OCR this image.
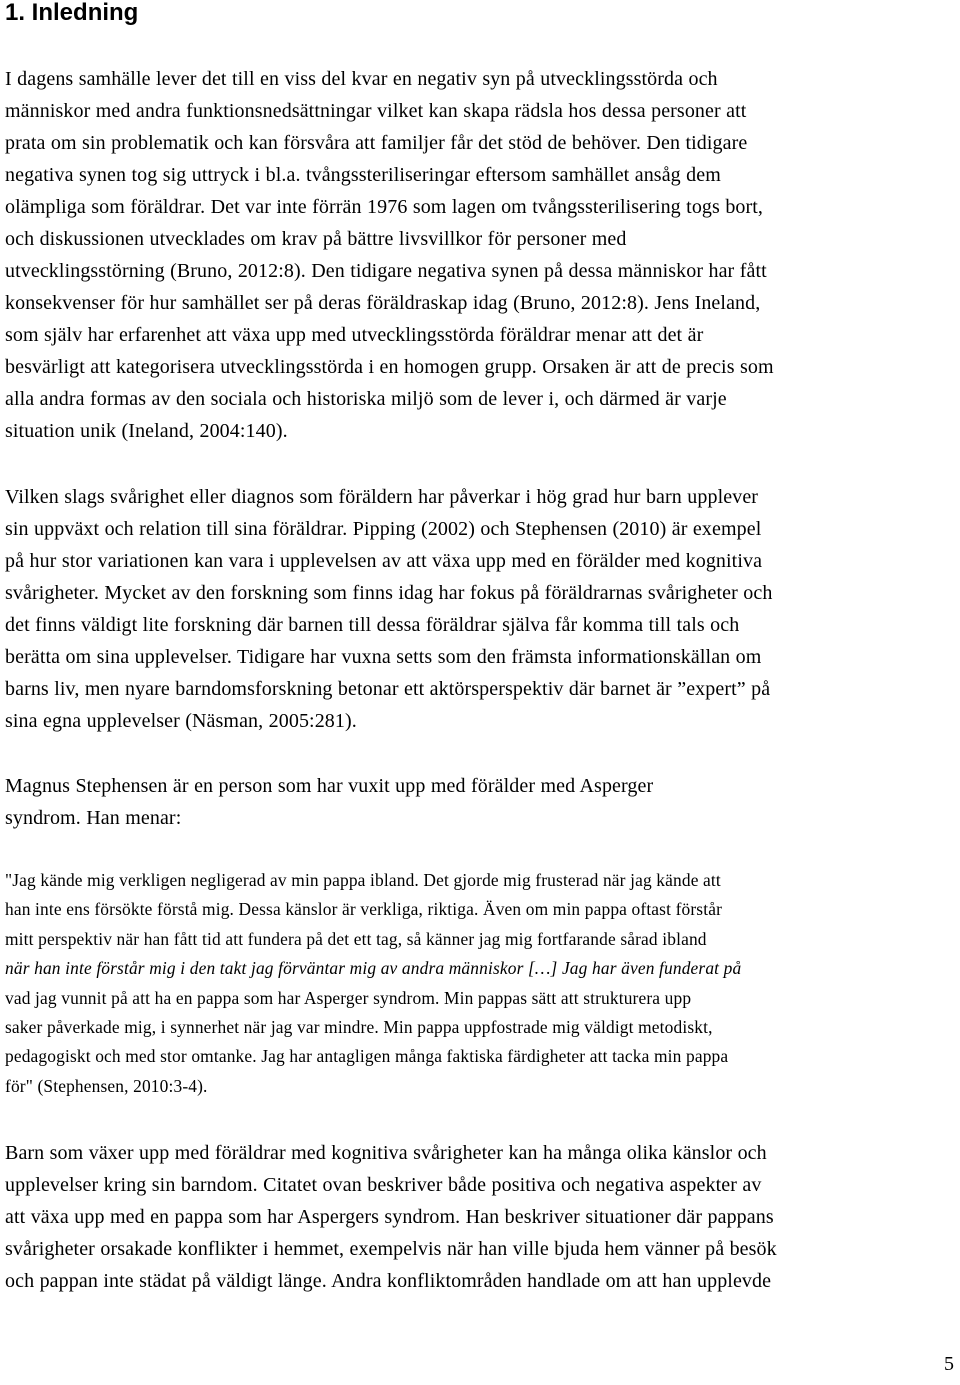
1. Inledning

I dagens samhälle lever det till en viss del kvar en negativ syn på utvecklingsstörda och
människor med andra funktionsnedsättningar vilket kan skapa rädsla hos dessa personer att
prata om sin problematik och kan försvåra att familjer får det stöd de behöver. Den tidigare
negativa synen tog sig uttryck i bl.a. tvångssteriliseringar eftersom samhället ansåg dem
olämpliga som föräldrar. Det var inte förrän 1976 som lagen om tvångssterilisering togs bort,
och diskussionen utvecklades om krav på bättre livsvillkor för personer med
utvecklingsstörning (Bruno, 2012:8). Den tidigare negativa synen på dessa människor har fått
konsekvenser för hur samhället ser på deras föräldraskap idag (Bruno, 2012:8). Jens Ineland,
som själv har erfarenhet att växa upp med utvecklingsstörda föräldrar menar att det är
besvärligt att kategorisera utvecklingsstörda i en homogen grupp. Orsaken är att de precis som
alla andra formas av den sociala och historiska miljö som de lever i, och därmed är varje
situation unik (Ineland, 2004:140).

Vilken slags svårighet eller diagnos som föräldern har påverkar i hög grad hur barn upplever
sin uppväxt och relation till sina föräldrar. Pipping (2002) och Stephensen (2010) är exempel
på hur stor variationen kan vara i upplevelsen av att växa upp med en förälder med kognitiva
svårigheter. Mycket av den forskning som finns idag har fokus på föräldrarnas svårigheter och
det finns väldigt lite forskning där barnen till dessa föräldrar själva får komma till tals och
berätta om sina upplevelser. Tidigare har vuxna setts som den främsta informationskällan om
barns liv, men nyare barndomsforskning betonar ett aktörsperspektiv där barnet är ”expert” på
sina egna upplevelser (Näsman, 2005:281).

Magnus Stephensen är en person som har vuxit upp med förälder med Asperger
syndrom. Han menar:

"Jag kände mig verkligen negligerad av min pappa ibland. Det gjorde mig frusterad när jag kände att
han inte ens försökte förstå mig. Dessa känslor är verkliga, riktiga. Även om min pappa oftast förstår
mitt perspektiv när han fått tid att fundera på det ett tag, så känner jag mig fortfarande sårad ibland
när han inte förstår mig i den takt jag förväntar mig av andra människor […] Jag har även funderat på
vad jag vunnit på att ha en pappa som har Asperger syndrom. Min pappas sätt att strukturera upp
saker påverkade mig, i synnerhet när jag var mindre. Min pappa uppfostrade mig väldigt metodiskt,
pedagogiskt och med stor omtanke. Jag har antagligen många faktiska färdigheter att tacka min pappa
för" (Stephensen, 2010:3-4).

Barn som växer upp med föräldrar med kognitiva svårigheter kan ha många olika känslor och
upplevelser kring sin barndom. Citatet ovan beskriver både positiva och negativa aspekter av
att växa upp med en pappa som har Aspergers syndrom. Han beskriver situationer där pappans
svårigheter orsakade konflikter i hemmet, exempelvis när han ville bjuda hem vänner på besök
och pappan inte städat på väldigt länge. Andra konfliktområden handlade om att han upplevde

5
